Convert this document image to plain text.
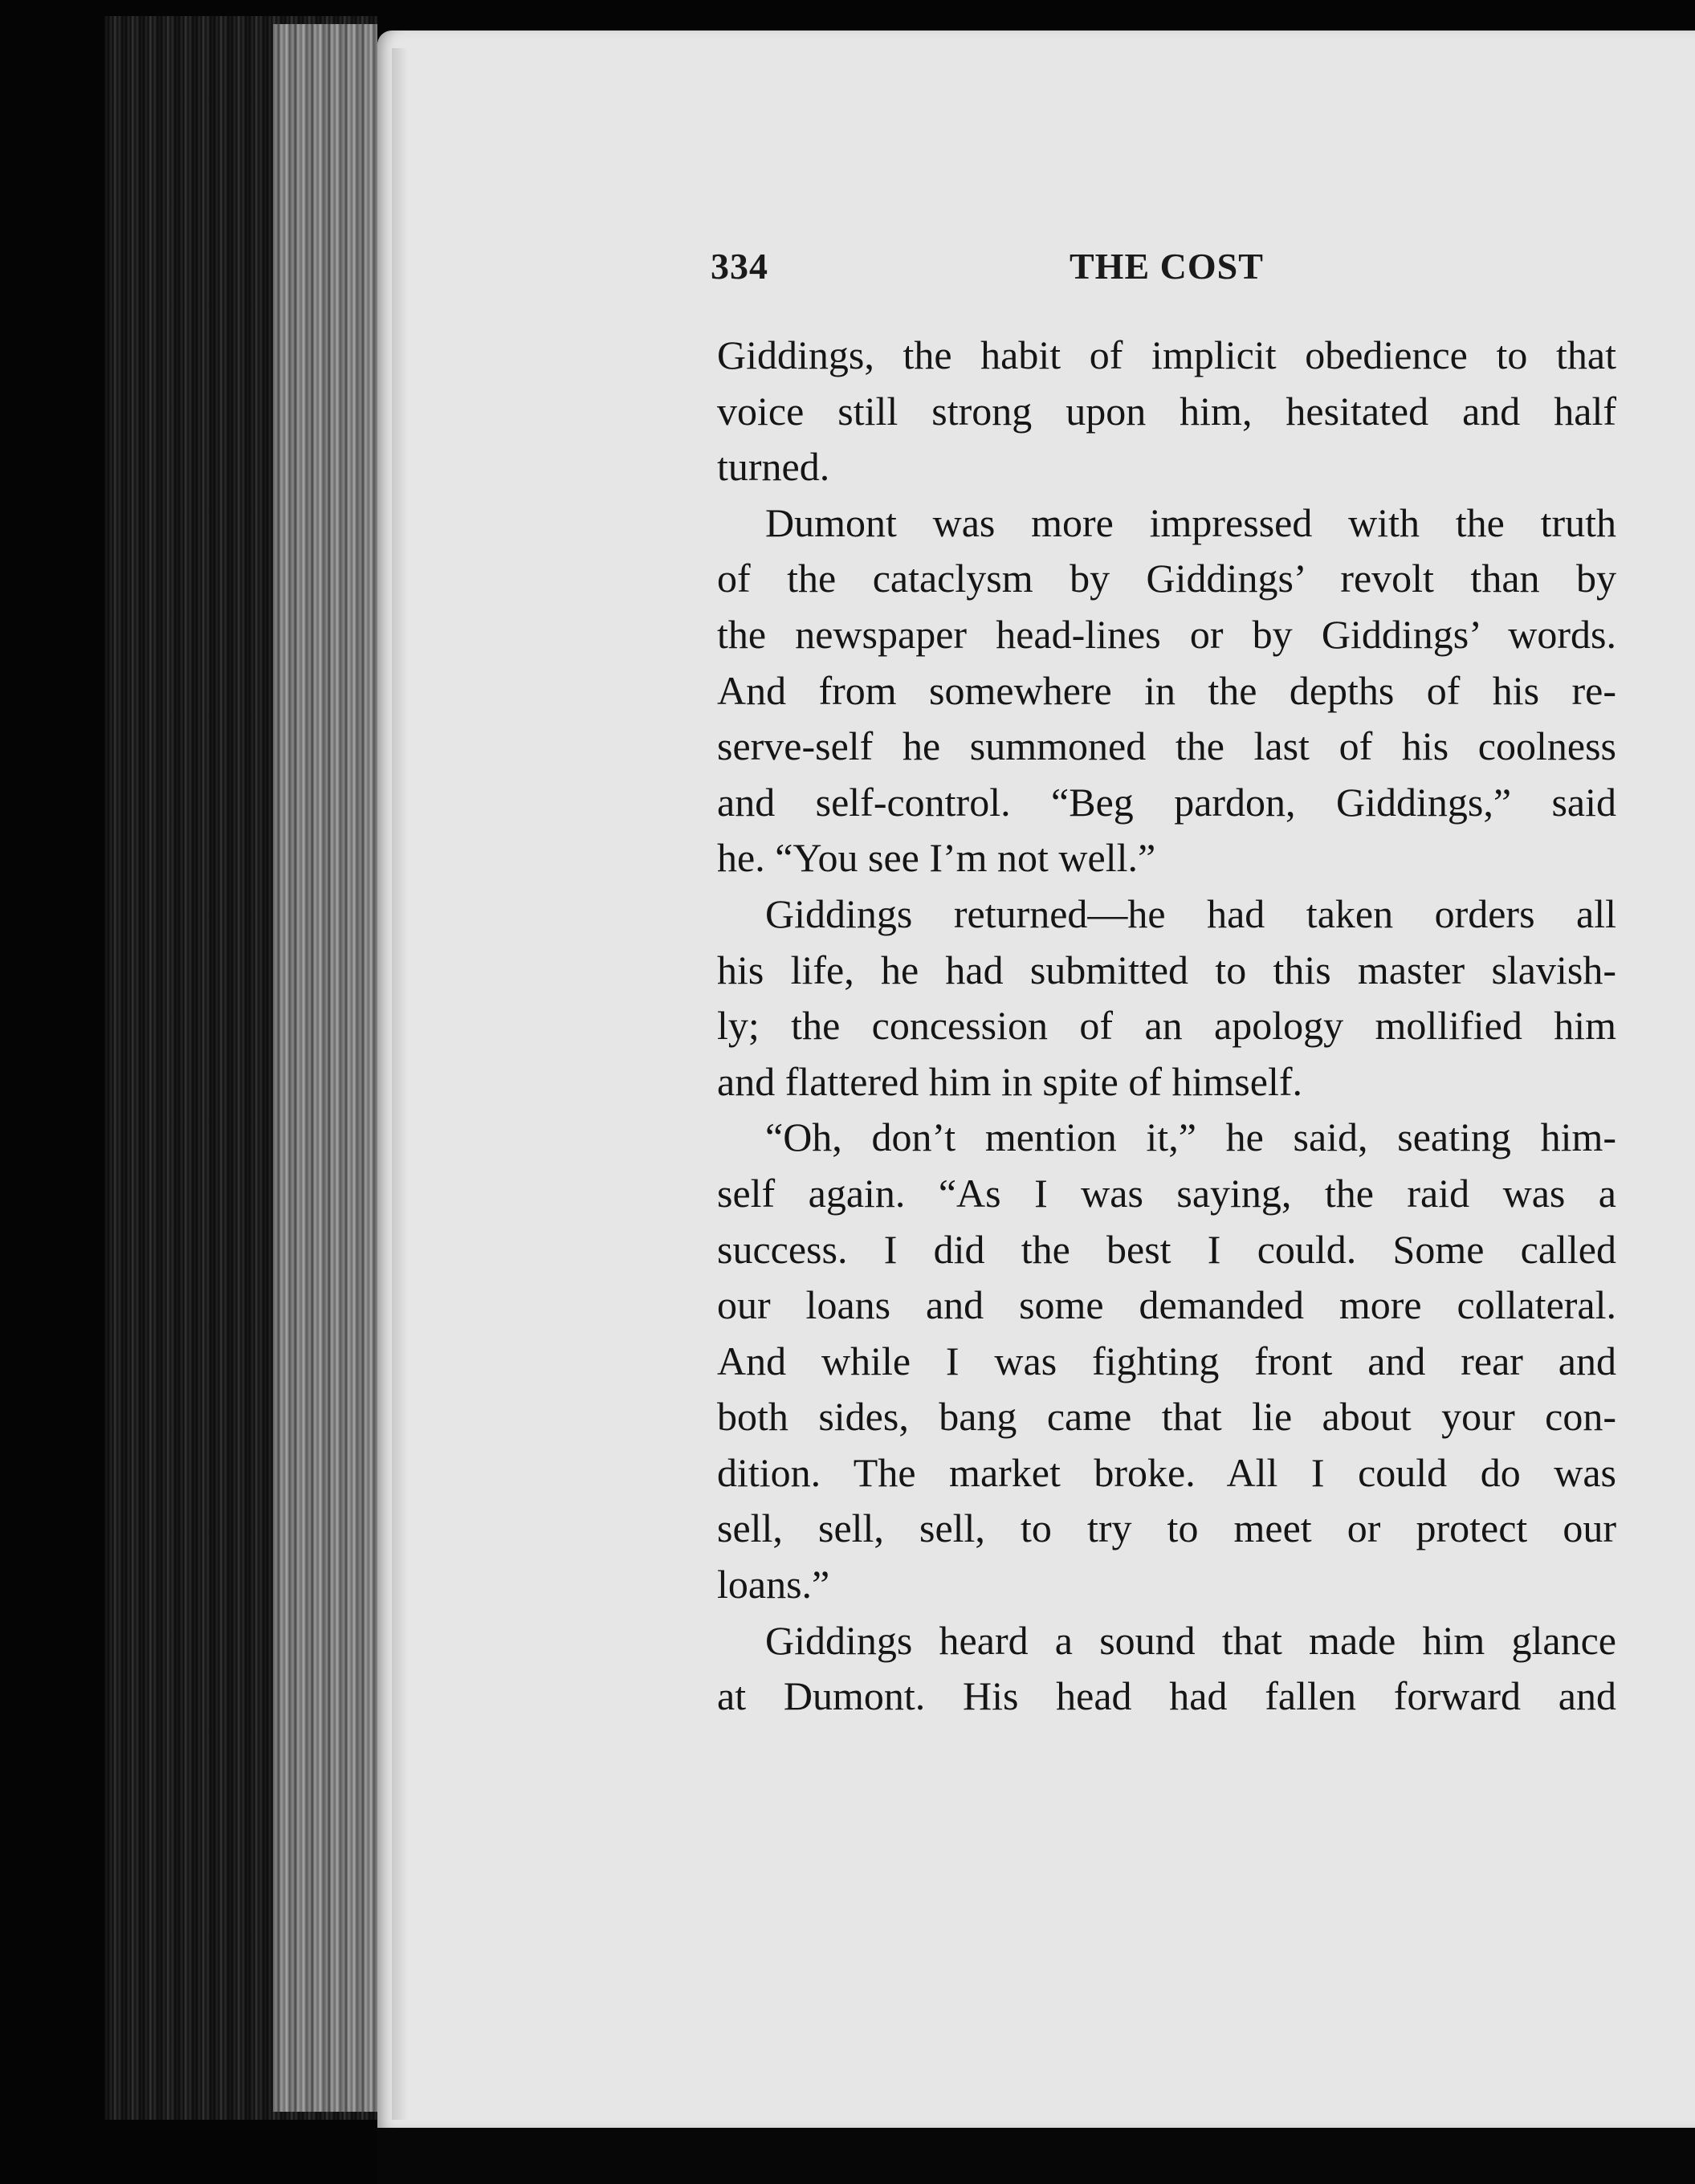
334	THE COST
Giddings, the habit of implicit obedience to that
voice still strong upon him, hesitated and half
turned.
Dumont was more impressed with the truth
of the cataclysm by Giddings’ revolt than by
the newspaper head-lines or by Giddings’ words.
And from somewhere in the depths of his re-
serve-self he summoned the last of his coolness
and self-control. “Beg pardon, Giddings,” said
he. “You see I’m not well.”
Giddings returned—he had taken orders all
his life, he had submitted to this master slavish-
ly; the concession of an apology mollified him
and flattered him in spite of himself.
“Oh, don’t mention it,” he said, seating him-
self again. “As I was saying, the raid was a
success. I did the best I could. Some called
our loans and some demanded more collateral.
And while I was fighting front and rear and
both sides, bang came that lie about your con-
dition. The market broke. All I could do was
sell, sell, sell, to try to meet or protect our
loans.”
Giddings heard a sound that made him glance
at Dumont. His head had fallen forward and
